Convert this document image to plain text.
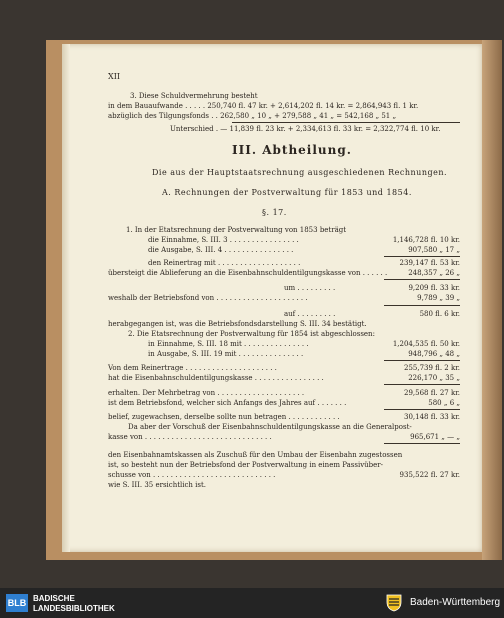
XII
3. Diese Schuldvermehrung besteht
in dem Bauaufwande . . . . . 250,740 fl. 47 kr. + 2,614,202 fl. 14 kr. = 2,864,943 fl. 1 kr.
abzüglich des Tilgungsfonds . . 262,580 „ 10 „ + 279,588 „ 41 „ = 542,168 „ 51 „
Unterschied . — 11,839 fl. 23 kr. + 2,334,613 fl. 33 kr. = 2,322,774 fl. 10 kr.
III. Abtheilung.
Die aus der Hauptstaatsrechnung ausgeschiedenen Rechnungen.
A. Rechnungen der Postverwaltung für 1853 und 1854.
§. 17.
1. In der Etatsrechnung der Postverwaltung von 1853 beträgt
die Einnahme, S. III. 3 . . . . . . . . . . . . . . . .	1,146,728 fl. 10 kr.
die Ausgabe, S. III. 4 . . . . . . . . . . . . . . . .	907,580 „ 17 „
den Reinertrag mit . . . . . . . . . . . . . . . . . . .	239,147 fl. 53 kr.
übersteigt die Ablieferung an die Eisenbahnschuldentilgungskasse von . . . . . .	248,357 „ 26 „
um . . . . . . . . .	9,209 fl. 33 kr.
weshalb der Betriebsfond von . . . . . . . . . . . . . . . . . . . . .	9,789 „ 39 „
auf . . . . . . . . .	580 fl. 6 kr.
herabgegangen ist, was die Betriebsfondsdarstellung S. III. 34 bestätigt.
2. Die Etatsrechnung der Postverwaltung für 1854 ist abgeschlossen:
in Einnahme, S. III. 18 mit . . . . . . . . . . . . . . .	1,204,535 fl. 50 kr.
in Ausgabe, S. III. 19 mit . . . . . . . . . . . . . . .	948,796 „ 48 „
Von dem Reinertrage . . . . . . . . . . . . . . . . . . . . .	255,739 fl. 2 kr.
hat die Eisenbahnschuldentilgungskasse . . . . . . . . . . . . . . . .	226,170 „ 35 „
erhalten. Der Mehrbetrag von . . . . . . . . . . . . . . . . . . . .	29,568 fl. 27 kr.
ist dem Betriebsfond, welcher sich Anfangs des Jahres auf . . . . . . .	580 „ 6 „
belief, zugewachsen, derselbe sollte nun betragen . . . . . . . . . . . .	30,148 fl. 33 kr.
Da aber der Vorschuß der Eisenbahnschuldentilgungskasse an die Generalpost-
kasse von . . . . . . . . . . . . . . . . . . . . . . . . . . . . .	965,671 „ — „
den Eisenbahnamtskassen als Zuschuß für den Umbau der Eisenbahn zugestossen
ist, so besteht nun der Betriebsfond der Postverwaltung in einem Passivüber-
schusse von . . . . . . . . . . . . . . . . . . . . . . . . . . . .	935,522 fl. 27 kr.
wie S. III. 35 ersichtlich ist.
BLB BADISCHE
LANDESBIBLIOTHEK
Baden-Württemberg
